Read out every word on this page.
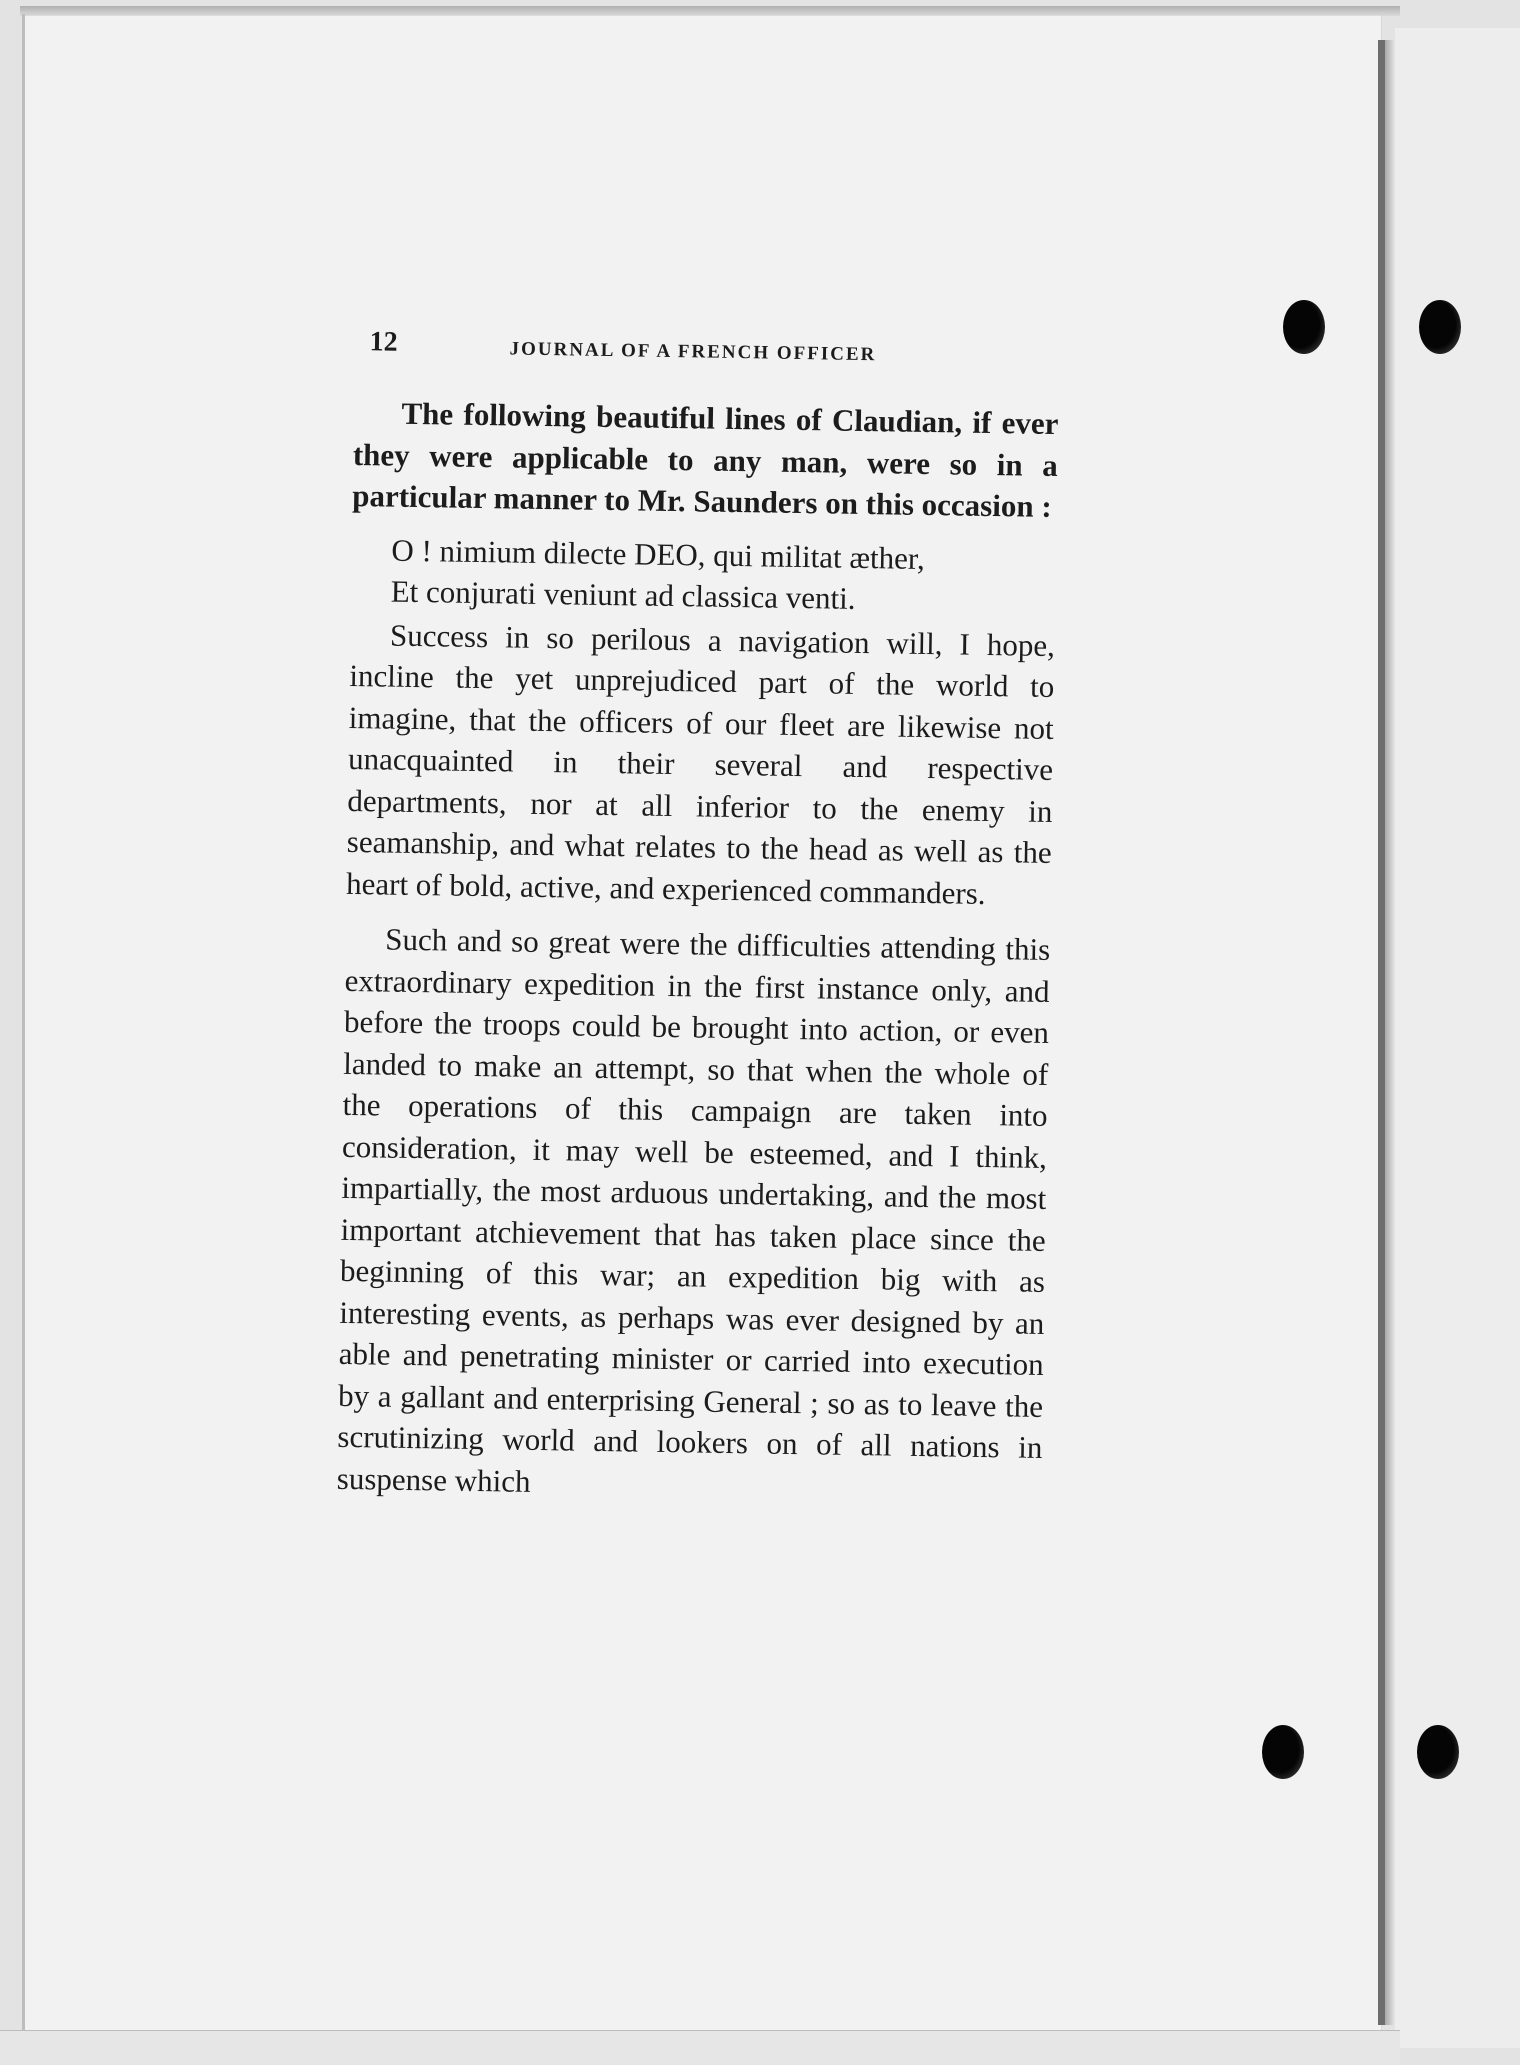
12	JOURNAL OF A FRENCH OFFICER

The following beautiful lines of Claudian, if ever they were applicable to any man, were so in a particular manner to Mr. Saunders on this occasion :

O ! nimium dilecte DEO, qui militat æther,
Et conjurati veniunt ad classica venti.

Success in so perilous a navigation will, I hope, incline the yet unprejudiced part of the world to imagine, that the officers of our fleet are likewise not unacquainted in their several and respective departments, nor at all inferior to the enemy in seamanship, and what relates to the head as well as the heart of bold, active, and experienced commanders.

Such and so great were the difficulties attending this extraordinary expedition in the first instance only, and before the troops could be brought into action, or even landed to make an attempt, so that when the whole of the operations of this campaign are taken into consideration, it may well be esteemed, and I think, impartially, the most arduous undertaking, and the most important atchievement that has taken place since the beginning of this war; an expedition big with as interesting events, as perhaps was ever designed by an able and penetrating minister or carried into execution by a gallant and enterprising General ; so as to leave the scrutinizing world and lookers on of all nations in suspense which
